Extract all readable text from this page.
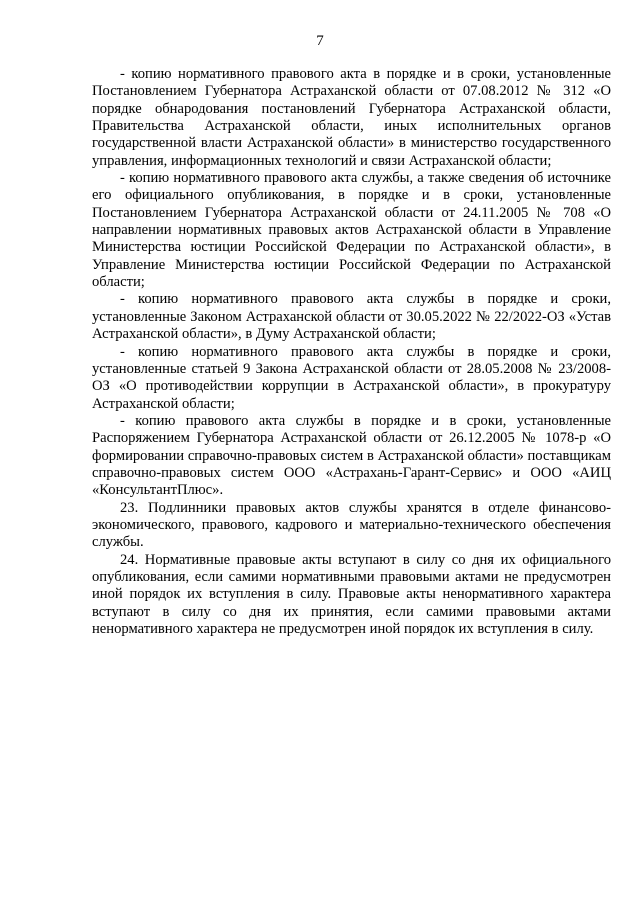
7

- копию нормативного правового акта в порядке и в сроки, установленные Постановлением Губернатора Астраханской области от 07.08.2012 № 312 «О порядке обнародования постановлений Губернатора Астраханской области, Правительства Астраханской области, иных исполнительных органов государственной власти Астраханской области» в министерство государственного управления, информационных технологий и связи Астраханской области;

- копию нормативного правового акта службы, а также сведения об источнике его официального опубликования, в порядке и в сроки, установленные Постановлением Губернатора Астраханской области от 24.11.2005 № 708 «О направлении нормативных правовых актов Астраханской области в Управление Министерства юстиции Российской Федерации по Астраханской области», в Управление Министерства юстиции Российской Федерации по Астраханской области;

- копию нормативного правового акта службы в порядке и сроки, установленные Законом Астраханской области от 30.05.2022 № 22/2022-ОЗ «Устав Астраханской области», в Думу Астраханской области;

- копию нормативного правового акта службы в порядке и сроки, установленные статьей 9 Закона Астраханской области от 28.05.2008 № 23/2008-ОЗ «О противодействии коррупции в Астраханской области», в прокуратуру Астраханской области;

- копию правового акта службы в порядке и в сроки, установленные Распоряжением Губернатора Астраханской области от 26.12.2005 № 1078-р «О формировании справочно-правовых систем в Астраханской области» поставщикам справочно-правовых систем ООО «Астрахань-Гарант-Сервис» и ООО «АИЦ «КонсультантПлюс».

23. Подлинники правовых актов службы хранятся в отделе финансово-экономического, правового, кадрового и материально-технического обеспечения службы.

24. Нормативные правовые акты вступают в силу со дня их официального опубликования, если самими нормативными правовыми актами не предусмотрен иной порядок их вступления в силу. Правовые акты ненормативного характера вступают в силу со дня их принятия, если самими правовыми актами ненормативного характера не предусмотрен иной порядок их вступления в силу.
